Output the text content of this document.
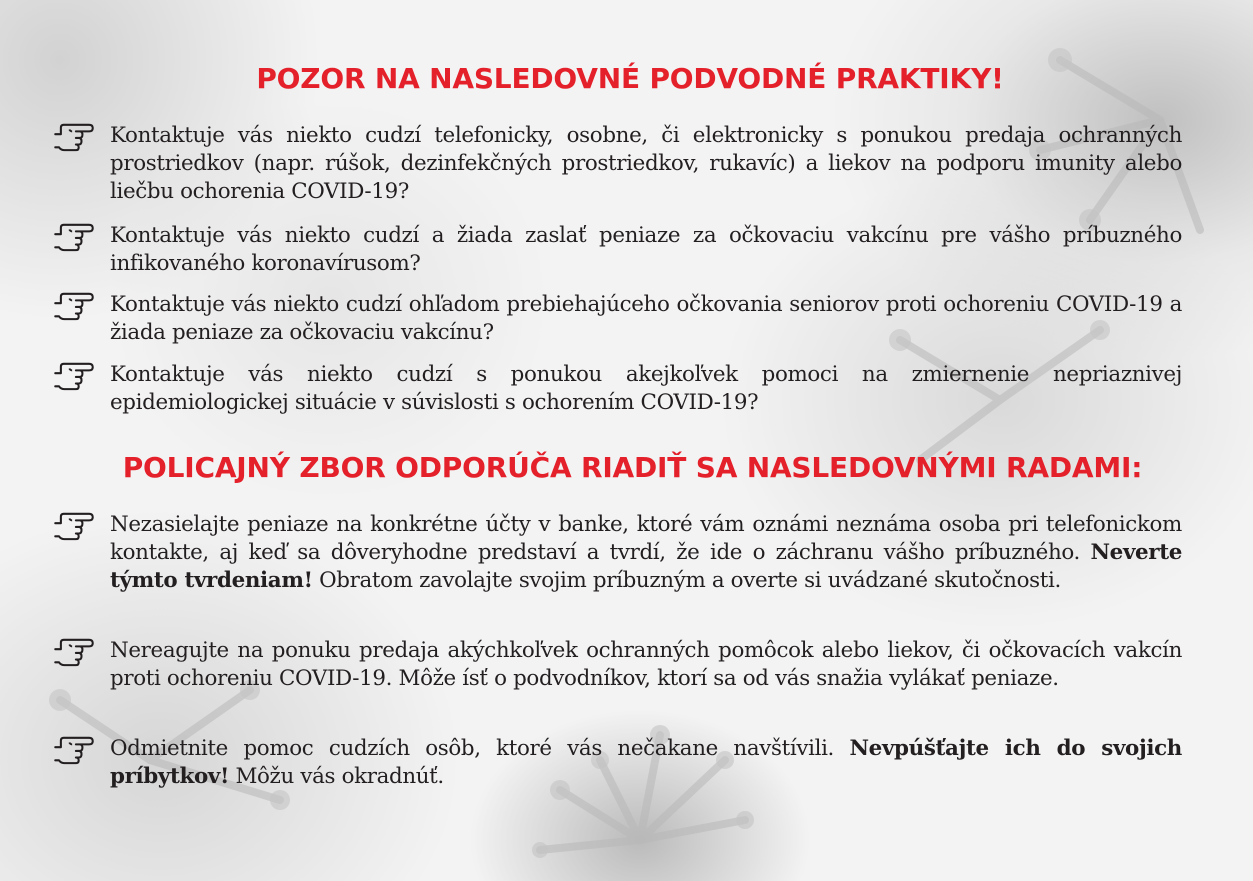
POZOR NA NASLEDOVNÉ PODVODNÉ PRAKTIKY!

Kontaktuje vás niekto cudzí telefonicky, osobne, či elektronicky s ponukou predaja ochranných prostriedkov (napr. rúšok, dezinfekčných prostriedkov, rukavíc) a liekov na podporu imunity alebo liečbu ochorenia COVID-19?

Kontaktuje vás niekto cudzí a žiada zaslať peniaze za očkovaciu vakcínu pre vášho príbuzného infikovaného koronavírusom?

Kontaktuje vás niekto cudzí ohľadom prebiehajúceho očkovania seniorov proti ochoreniu COVID-19 a žiada peniaze za očkovaciu vakcínu?

Kontaktuje vás niekto cudzí s ponukou akejkoľvek pomoci na zmiernenie nepriaznivej epidemiologickej situácie v súvislosti s ochorením COVID-19?

POLICAJNÝ ZBOR ODPORÚČA RIADIŤ SA NASLEDOVNÝMI RADAMI:

Nezasielajte peniaze na konkrétne účty v banke, ktoré vám oznámi neznáma osoba pri telefonickom kontakte, aj keď sa dôveryhodne predstaví a tvrdí, že ide o záchranu vášho príbuzného. Neverte týmto tvrdeniam! Obratom zavolajte svojim príbuzným a overte si uvádzané skutočnosti.

Nereagujte na ponuku predaja akýchkoľvek ochranných pomôcok alebo liekov, či očkovacích vakcín proti ochoreniu COVID-19. Môže ísť o podvodníkov, ktorí sa od vás snažia vylákať peniaze.

Odmietnite pomoc cudzích osôb, ktoré vás nečakane navštívili. Nevpúšťajte ich do svojich príbytkov! Môžu vás okradnúť.
